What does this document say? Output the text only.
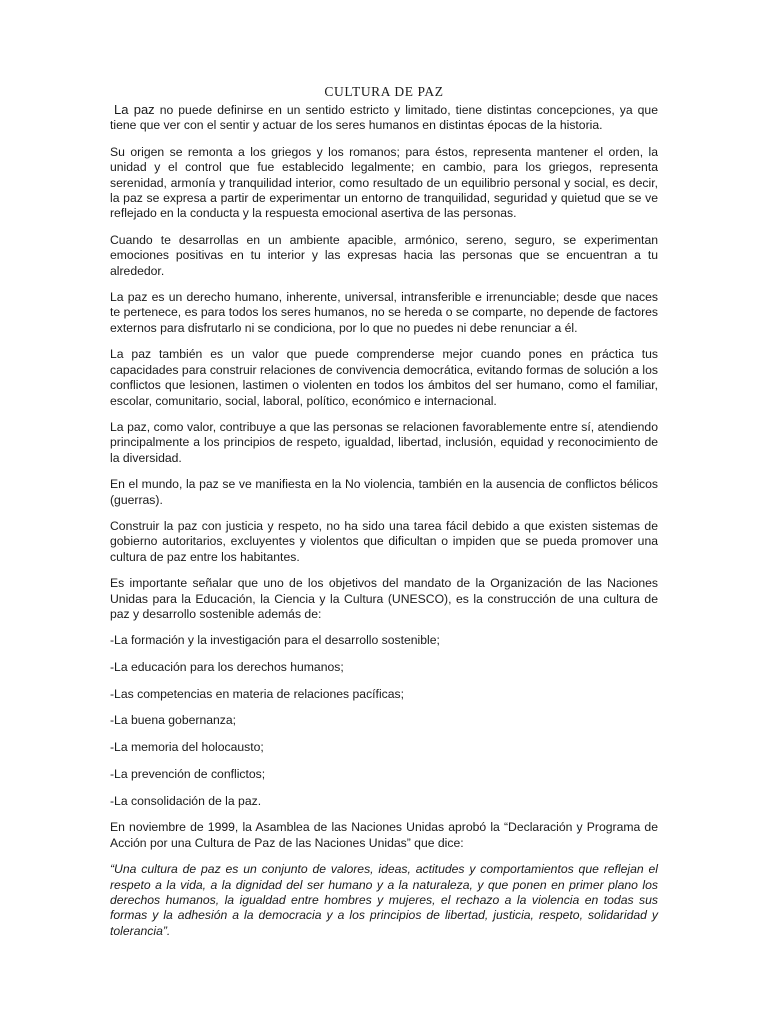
CULTURA DE PAZ

La paz no puede definirse en un sentido estricto y limitado, tiene distintas concepciones, ya que tiene que ver con el sentir y actuar de los seres humanos en distintas épocas de la historia.

Su origen se remonta a los griegos y los romanos; para éstos, representa mantener el orden, la unidad y el control que fue establecido legalmente; en cambio, para los griegos, representa serenidad, armonía y tranquilidad interior, como resultado de un equilibrio personal y social, es decir, la paz se expresa a partir de experimentar un entorno de tranquilidad, seguridad y quietud que se ve reflejado en la conducta y la respuesta emocional asertiva de las personas.

Cuando te desarrollas en un ambiente apacible, armónico, sereno, seguro, se experimentan emociones positivas en tu interior y las expresas hacia las personas que se encuentran a tu alrededor.

La paz es un derecho humano, inherente, universal, intransferible e irrenunciable; desde que naces te pertenece, es para todos los seres humanos, no se hereda o se comparte, no depende de factores externos para disfrutarlo ni se condiciona, por lo que no puedes ni debe renunciar a él.

La paz también es un valor que puede comprenderse mejor cuando pones en práctica tus capacidades para construir relaciones de convivencia democrática, evitando formas de solución a los conflictos que lesionen, lastimen o violenten en todos los ámbitos del ser humano, como el familiar, escolar, comunitario, social, laboral, político, económico e internacional.

La paz, como valor, contribuye a que las personas se relacionen favorablemente entre sí, atendiendo principalmente a los principios de respeto, igualdad, libertad, inclusión, equidad y reconocimiento de la diversidad.

En el mundo, la paz se ve manifiesta en la No violencia, también en la ausencia de conflictos bélicos (guerras).

Construir la paz con justicia y respeto, no ha sido una tarea fácil debido a que existen sistemas de gobierno autoritarios, excluyentes y violentos que dificultan o impiden que se pueda promover una cultura de paz entre los habitantes.

Es importante señalar que uno de los objetivos del mandato de la Organización de las Naciones Unidas para la Educación, la Ciencia y la Cultura (UNESCO), es la construcción de una cultura de paz y desarrollo sostenible además de:

-La formación y la investigación para el desarrollo sostenible;
-La educación para los derechos humanos;
-Las competencias en materia de relaciones pacíficas;
-La buena gobernanza;
-La memoria del holocausto;
-La prevención de conflictos;
-La consolidación de la paz.

En noviembre de 1999, la Asamblea de las Naciones Unidas aprobó la “Declaración y Programa de Acción por una Cultura de Paz de las Naciones Unidas” que dice:

“Una cultura de paz es un conjunto de valores, ideas, actitudes y comportamientos que reflejan el respeto a la vida, a la dignidad del ser humano y a la naturaleza, y que ponen en primer plano los derechos humanos, la igualdad entre hombres y mujeres, el rechazo a la violencia en todas sus formas y la adhesión a la democracia y a los principios de libertad, justicia, respeto, solidaridad y tolerancia”.
